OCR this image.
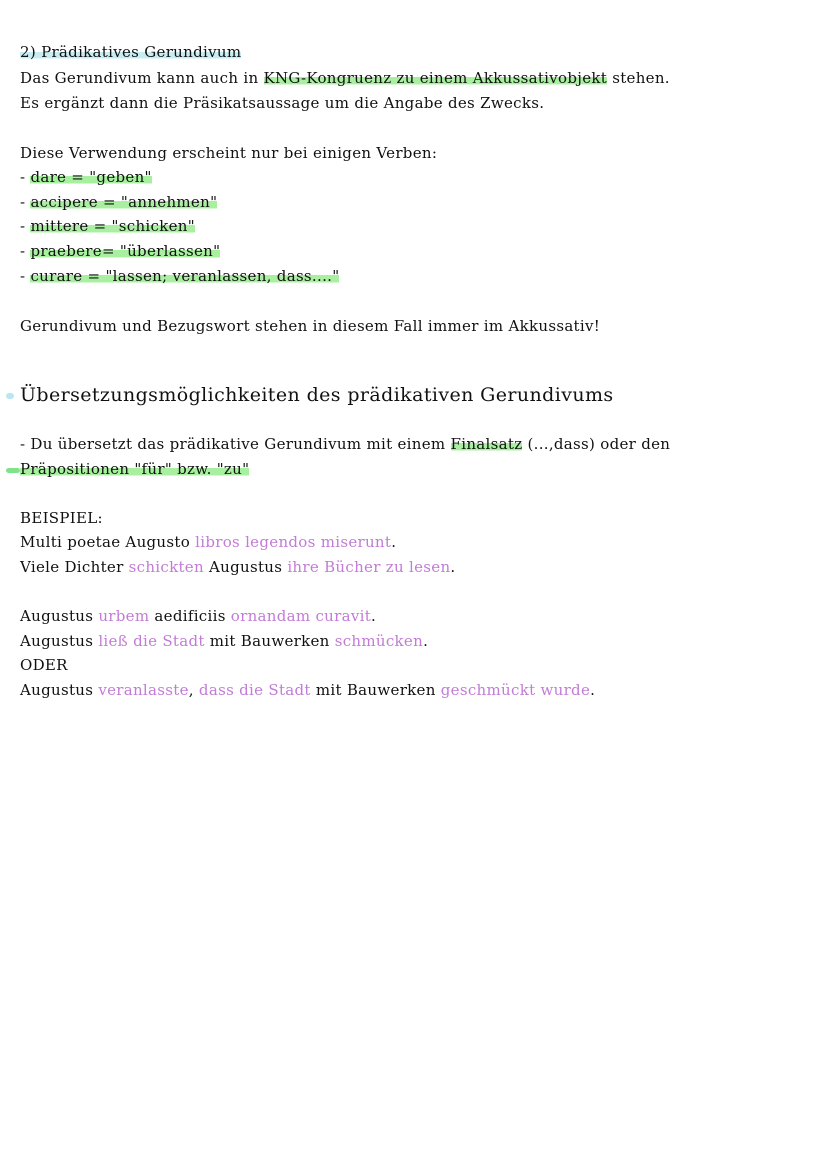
2) Prädikatives Gerundivum
Das Gerundivum kann auch in KNG-Kongruenz zu einem Akkussativobjekt stehen.
Es ergänzt dann die Präsikatsaussage um die Angabe des Zwecks.
Diese Verwendung erscheint nur bei einigen Verben:
- dare = "geben"
- accipere = "annehmen"
- mittere = "schicken"
- praebere= "überlassen"
- curare = "lassen; veranlassen, dass...."
Gerundivum und Bezugswort stehen in diesem Fall immer im Akkussativ!
Übersetzungsmöglichkeiten des prädikativen Gerundivums
- Du übersetzt das prädikative Gerundivum mit einem Finalsatz (...,dass) oder den
Präpositionen "für" bzw. "zu"
BEISPIEL:
Multi poetae Augusto libros legendos miserunt.
Viele Dichter schickten Augustus ihre Bücher zu lesen.
Augustus urbem aedificiis ornandam curavit.
Augustus ließ die Stadt mit Bauwerken schmücken.
ODER
Augustus veranlasste, dass die Stadt mit Bauwerken geschmückt wurde.
